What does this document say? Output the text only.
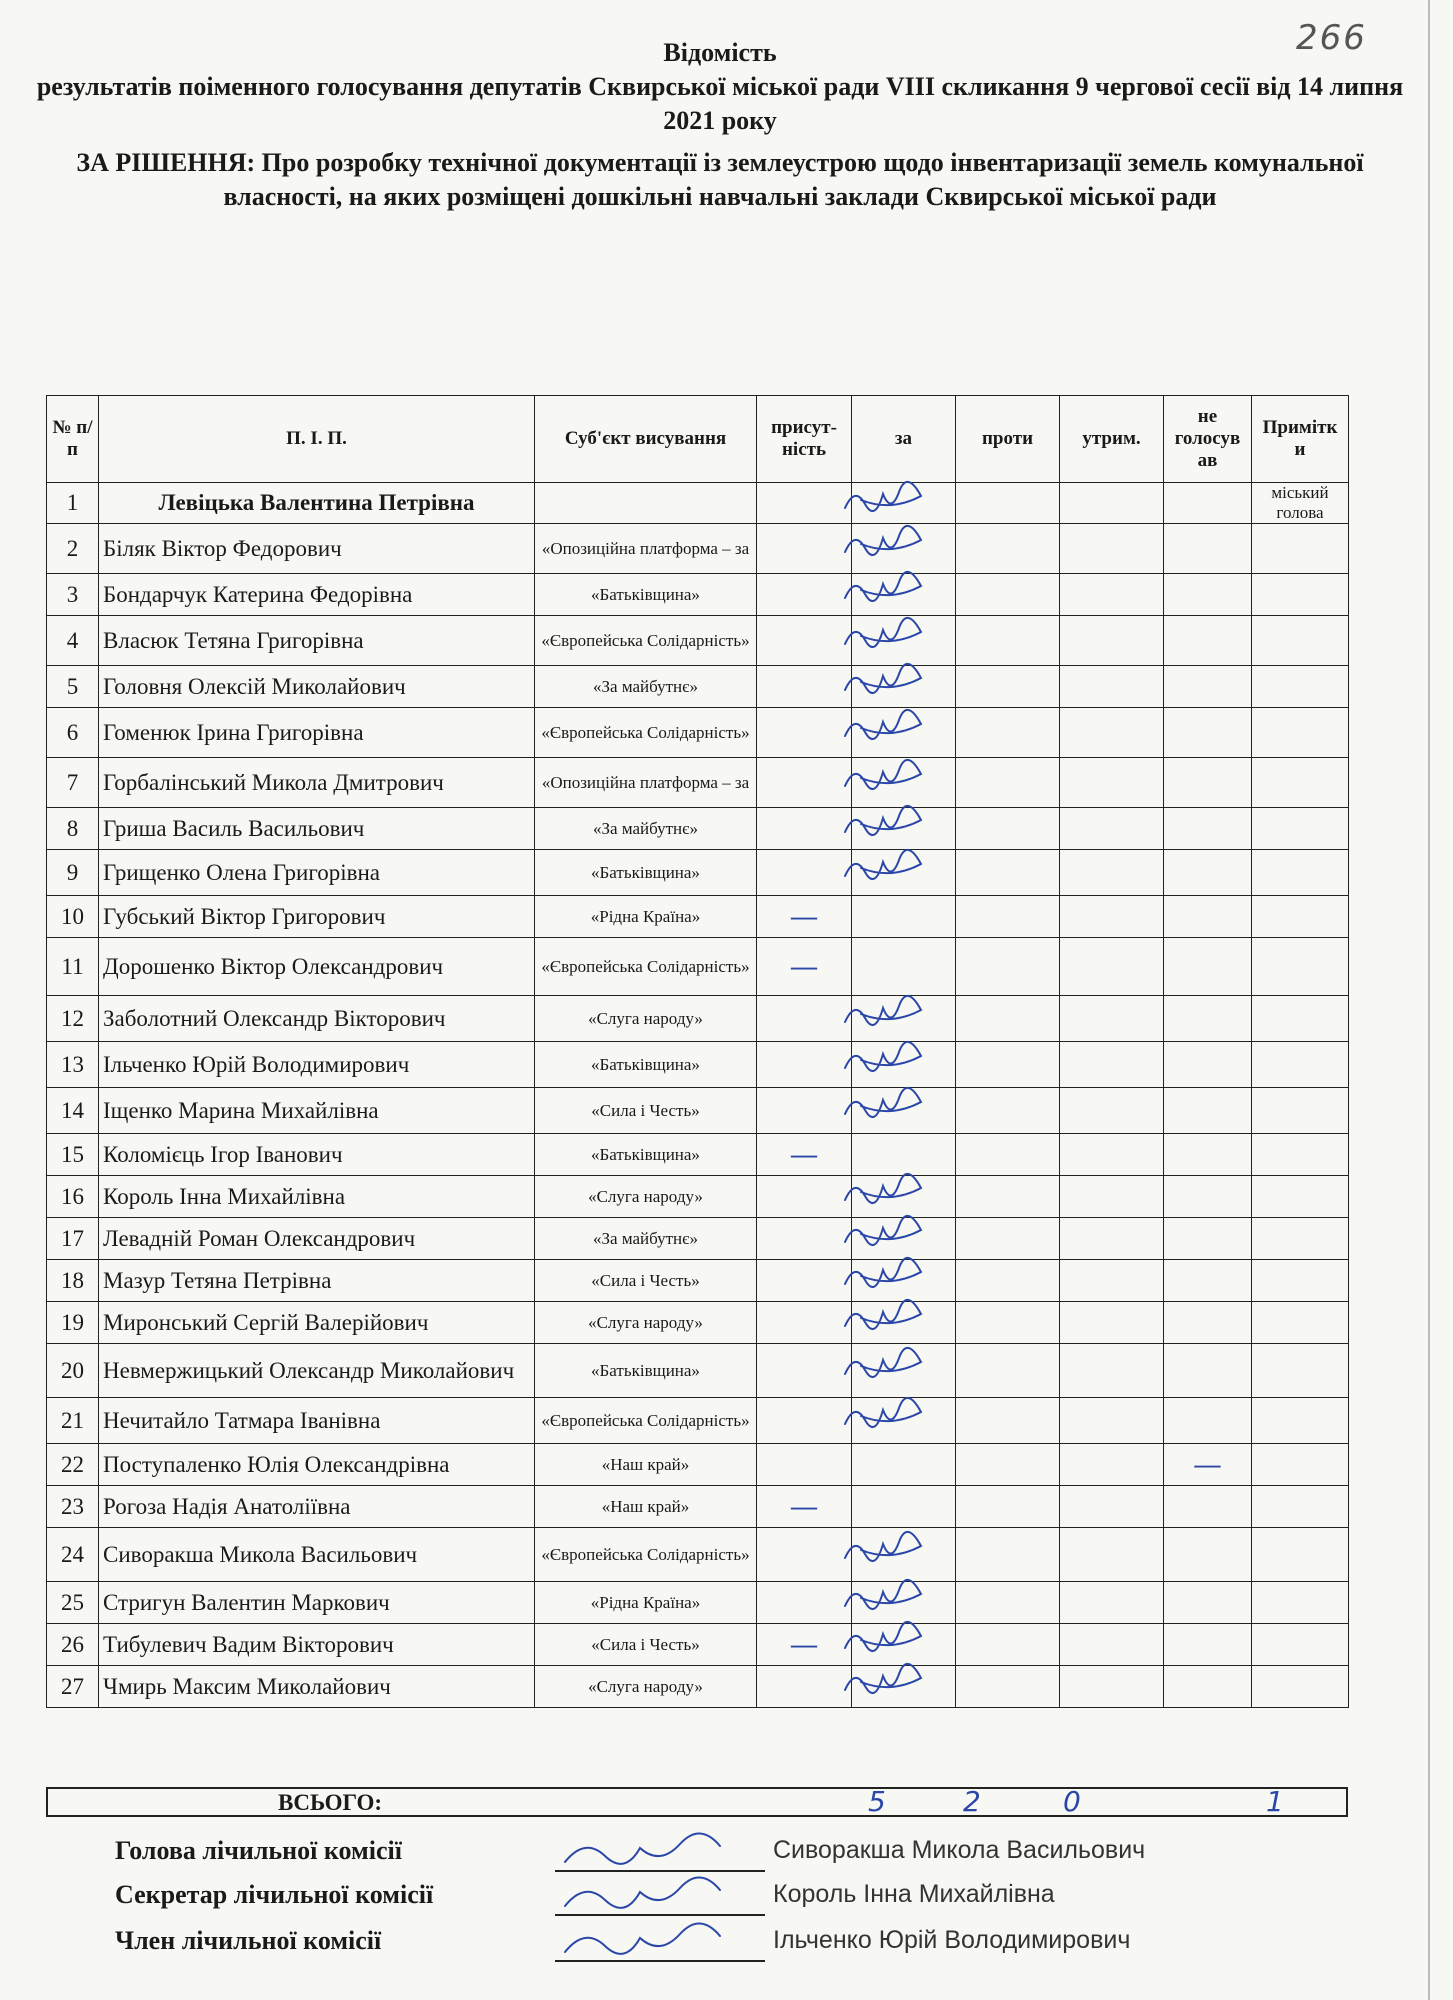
266
Відомість
результатів поіменного голосування депутатів Сквирської міської ради VIII скликання 9 чергової сесії від 14 липня 2021 року
ЗА РІШЕННЯ: Про розробку технічної документації із землеустрою щодо інвентаризації земель комунальної власності, на яких розміщені дошкільні навчальні заклади Сквирської міської ради
№ п/п	П. І. П.	Суб'єкт висування	присут-ність	за	проти	утрим.	не голосув ав	Примітк и
1	Левіцька Валентина Петрівна							міський голова
2	Біляк Віктор Федорович	«Опозиційна платформа – за						
3	Бондарчук Катерина Федорівна	«Батьківщина»						
4	Власюк Тетяна Григорівна	«Європейська Солідарність»						
5	Головня Олексій Миколайович	«За майбутнє»						
6	Гоменюк Ірина Григорівна	«Європейська Солідарність»						
7	Горбалінський Микола Дмитрович	«Опозиційна платформа – за						
8	Гриша Василь Васильович	«За майбутнє»						
9	Грищенко Олена Григорівна	«Батьківщина»						
10	Губський Віктор Григорович	«Рідна Країна»	—					
11	Дорошенко Віктор Олександрович	«Європейська Солідарність»	—					
12	Заболотний Олександр Вікторович	«Слуга народу»						
13	Ільченко Юрій Володимирович	«Батьківщина»						
14	Іщенко Марина Михайлівна	«Сила і Честь»						
15	Коломієць Ігор Іванович	«Батьківщина»	—					
16	Король Інна Михайлівна	«Слуга народу»						
17	Левадній Роман Олександрович	«За майбутнє»						
18	Мазур Тетяна Петрівна	«Сила і Честь»						
19	Миронський Сергій Валерійович	«Слуга народу»						
20	Невмержицький Олександр Миколайович	«Батьківщина»						
21	Нечитайло Татмара Іванівна	«Європейська Солідарність»						
22	Поступаленко Юлія Олександрівна	«Наш край»					—	
23	Рогоза Надія Анатоліївна	«Наш край»	—					
24	Сиворакша Микола Васильович	«Європейська Солідарність»						
25	Стригун Валентин Маркович	«Рідна Країна»						
26	Тибулевич Вадим Вікторович	«Сила і Честь»	—					
27	Чмирь Максим Миколайович	«Слуга народу»						
ВСЬОГО:	5	2	0	1
Голова лічильної комісії	Сиворакша Микола Васильович
Секретар лічильної комісії	Король Інна Михайлівна
Член лічильної комісії	Ільченко Юрій Володимирович
